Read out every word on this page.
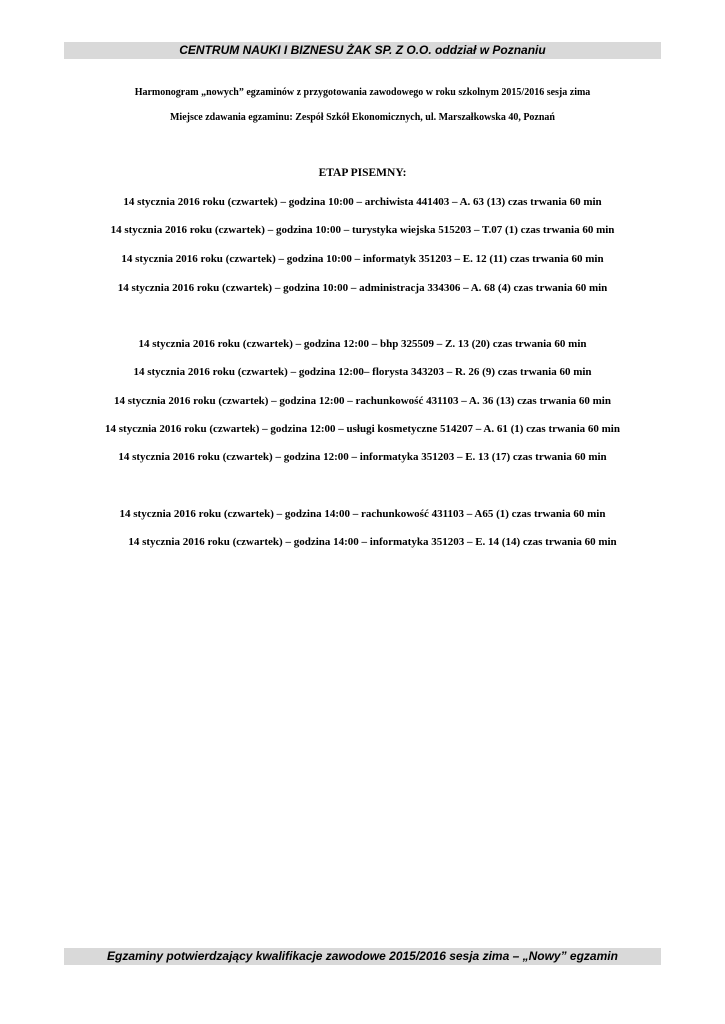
CENTRUM NAUKI I BIZNESU ŻAK SP. Z O.O. oddział w Poznaniu
Harmonogram „nowych” egzaminów z przygotowania zawodowego w roku szkolnym 2015/2016 sesja zima
Miejsce zdawania egzaminu: Zespół Szkół Ekonomicznych, ul. Marszałkowska 40, Poznań
ETAP PISEMNY:
14 stycznia 2016 roku (czwartek) – godzina 10:00 – archiwista 441403 – A. 63 (13) czas trwania 60 min
14 stycznia 2016 roku (czwartek) – godzina 10:00 – turystyka wiejska 515203 – T.07 (1) czas trwania 60 min
14 stycznia 2016 roku (czwartek) – godzina 10:00 – informatyk 351203 – E. 12 (11) czas trwania 60 min
14 stycznia 2016 roku (czwartek) – godzina 10:00 – administracja 334306 – A. 68 (4) czas trwania 60 min
14 stycznia 2016 roku (czwartek) – godzina 12:00 – bhp 325509 – Z. 13 (20) czas trwania 60 min
14 stycznia 2016 roku (czwartek) – godzina 12:00– florysta 343203 – R. 26 (9) czas trwania 60 min
14 stycznia 2016 roku (czwartek) – godzina 12:00 – rachunkowość 431103 – A. 36 (13) czas trwania 60 min
14 stycznia 2016 roku (czwartek) – godzina 12:00 – usługi kosmetyczne 514207 – A. 61 (1) czas trwania 60 min
14 stycznia 2016 roku (czwartek) – godzina 12:00 – informatyka 351203 – E. 13 (17) czas trwania 60 min
14 stycznia 2016 roku (czwartek) – godzina 14:00 – rachunkowość 431103 – A65 (1) czas trwania 60 min
14 stycznia 2016 roku (czwartek) – godzina 14:00 – informatyka 351203 – E. 14 (14) czas trwania 60 min
Egzaminy potwierdzający kwalifikacje zawodowe 2015/2016 sesja zima – „Nowy” egzamin
